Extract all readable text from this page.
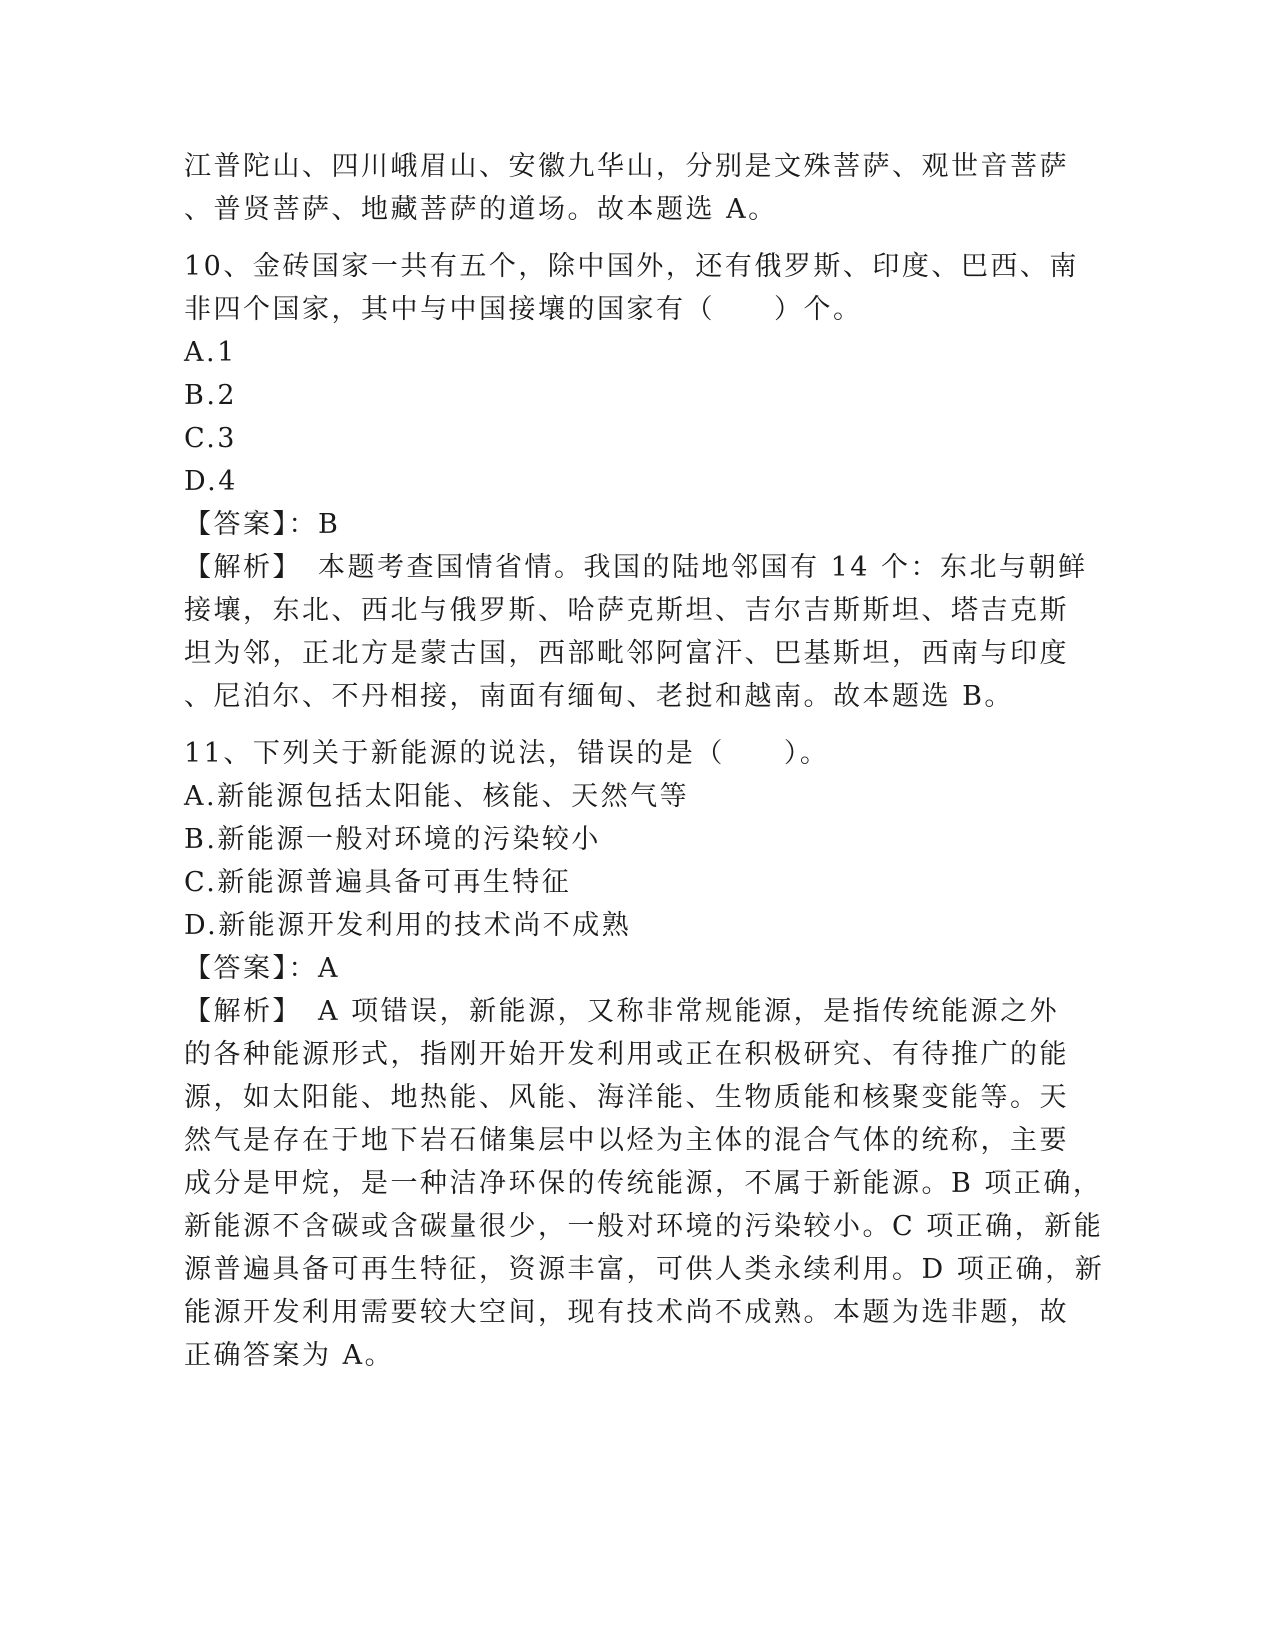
江普陀山、四川峨眉山、安徽九华山，分别是文殊菩萨、观世音菩萨
、普贤菩萨、地藏菩萨的道场。故本题选 A。
10、金砖国家一共有五个，除中国外，还有俄罗斯、印度、巴西、南
非四个国家，其中与中国接壤的国家有（　　）个。
A.1
B.2
C.3
D.4
【答案】：B
【解析】　本题考查国情省情。我国的陆地邻国有 14 个：东北与朝鲜
接壤，东北、西北与俄罗斯、哈萨克斯坦、吉尔吉斯斯坦、塔吉克斯
坦为邻，正北方是蒙古国，西部毗邻阿富汗、巴基斯坦，西南与印度
、尼泊尔、不丹相接，南面有缅甸、老挝和越南。故本题选 B。
11、下列关于新能源的说法，错误的是（　　）。
A.新能源包括太阳能、核能、天然气等
B.新能源一般对环境的污染较小
C.新能源普遍具备可再生特征
D.新能源开发利用的技术尚不成熟
【答案】：A
【解析】　A 项错误，新能源，又称非常规能源，是指传统能源之外
的各种能源形式，指刚开始开发利用或正在积极研究、有待推广的能
源，如太阳能、地热能、风能、海洋能、生物质能和核聚变能等。天
然气是存在于地下岩石储集层中以烃为主体的混合气体的统称，主要
成分是甲烷，是一种洁净环保的传统能源，不属于新能源。B 项正确，
新能源不含碳或含碳量很少，一般对环境的污染较小。C 项正确，新能
源普遍具备可再生特征，资源丰富，可供人类永续利用。D 项正确，新
能源开发利用需要较大空间，现有技术尚不成熟。本题为选非题，故
正确答案为 A。
